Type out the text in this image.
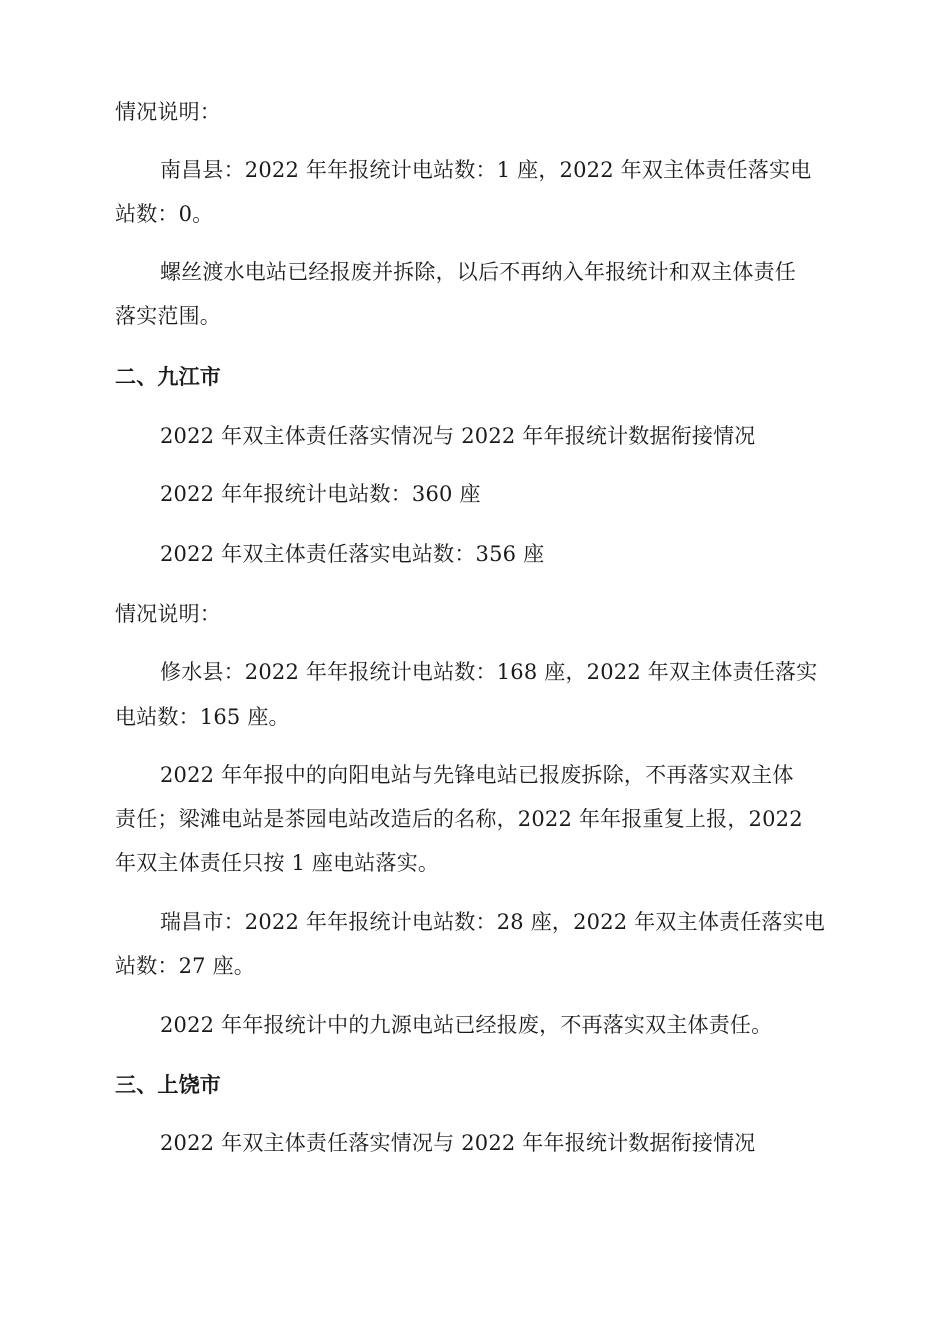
情况说明：
南昌县：2022 年年报统计电站数：1 座，2022 年双主体责任落实电
站数：0。
螺丝渡水电站已经报废并拆除，以后不再纳入年报统计和双主体责任
落实范围。
二、九江市
2022 年双主体责任落实情况与 2022 年年报统计数据衔接情况
2022 年年报统计电站数：360 座
2022 年双主体责任落实电站数：356 座
情况说明：
修水县：2022 年年报统计电站数：168 座，2022 年双主体责任落实
电站数：165 座。
2022 年年报中的向阳电站与先锋电站已报废拆除，不再落实双主体
责任；梁滩电站是茶园电站改造后的名称，2022 年年报重复上报，2022
年双主体责任只按 1 座电站落实。
瑞昌市：2022 年年报统计电站数：28 座，2022 年双主体责任落实电
站数：27 座。
2022 年年报统计中的九源电站已经报废，不再落实双主体责任。
三、上饶市
2022 年双主体责任落实情况与 2022 年年报统计数据衔接情况
